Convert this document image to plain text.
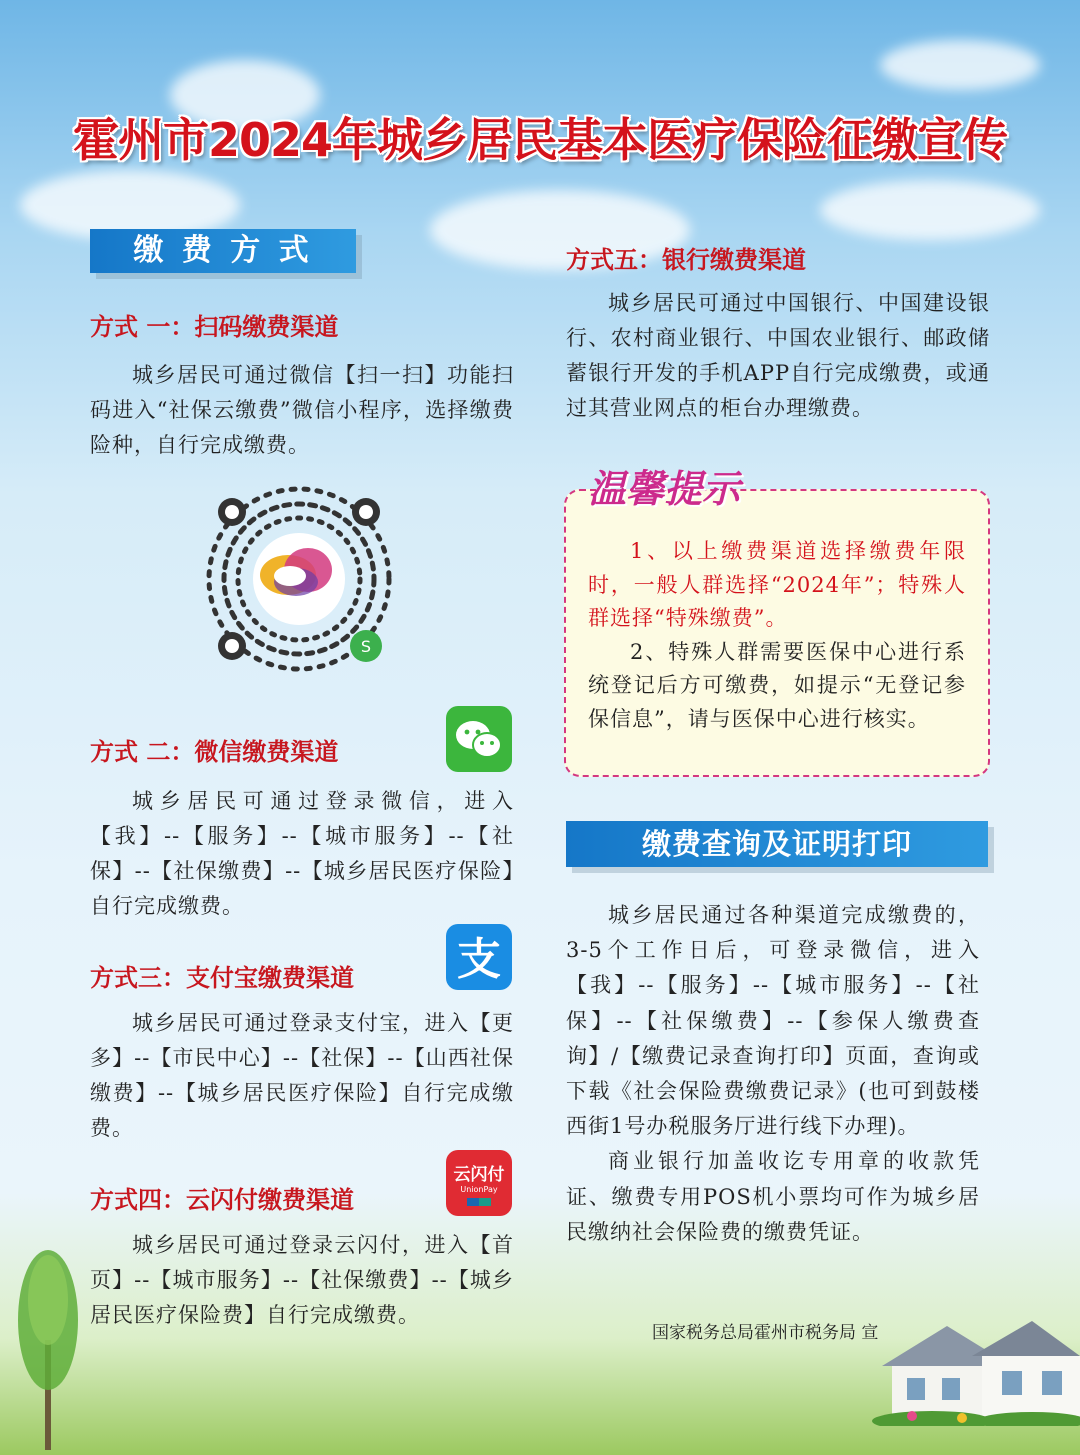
霍州市2024年城乡居民基本医疗保险征缴宣传
缴 费 方 式
方式 一：扫码缴费渠道

城乡居民可通过微信【扫一扫】功能扫码进入“社保云缴费”微信小程序，选择缴费险种，自行完成缴费。

S
方式 二：微信缴费渠道

城乡居民可通过登录微信，进入【我】--【服务】--【城市服务】--【社保】--【社保缴费】--【城乡居民医疗保险】自行完成缴费。

方式三：支付宝缴费渠道 支

城乡居民可通过登录支付宝，进入【更多】--【市民中心】--【社保】--【山西社保缴费】--【城乡居民医疗保险】自行完成缴费。

方式四：云闪付缴费渠道
云闪付
UnionPay

城乡居民可通过登录云闪付，进入【首页】--【城市服务】--【社保缴费】--【城乡居民医疗保险费】自行完成缴费。

方式五：银行缴费渠道

城乡居民可通过中国银行、中国建设银行、农村商业银行、中国农业银行、邮政储蓄银行开发的手机APP自行完成缴费，或通过其营业网点的柜台办理缴费。

温馨提示

1、以上缴费渠道选择缴费年限时，一般人群选择“2024年”；特殊人群选择“特殊缴费”。

2、特殊人群需要医保中心进行系统登记后方可缴费，如提示“无登记参保信息”，请与医保中心进行核实。

缴费查询及证明打印

城乡居民通过各种渠道完成缴费的，3-5个工作日后，可登录微信，进入【我】--【服务】--【城市服务】--【社保】--【社保缴费】--【参保人缴费查询】/【缴费记录查询打印】页面，查询或下载《社会保险费缴费记录》(也可到鼓楼西街1号办税服务厅进行线下办理)。

商业银行加盖收讫专用章的收款凭证、缴费专用POS机小票均可作为城乡居民缴纳社会保险费的缴费凭证。

国家税务总局霍州市税务局 宣
